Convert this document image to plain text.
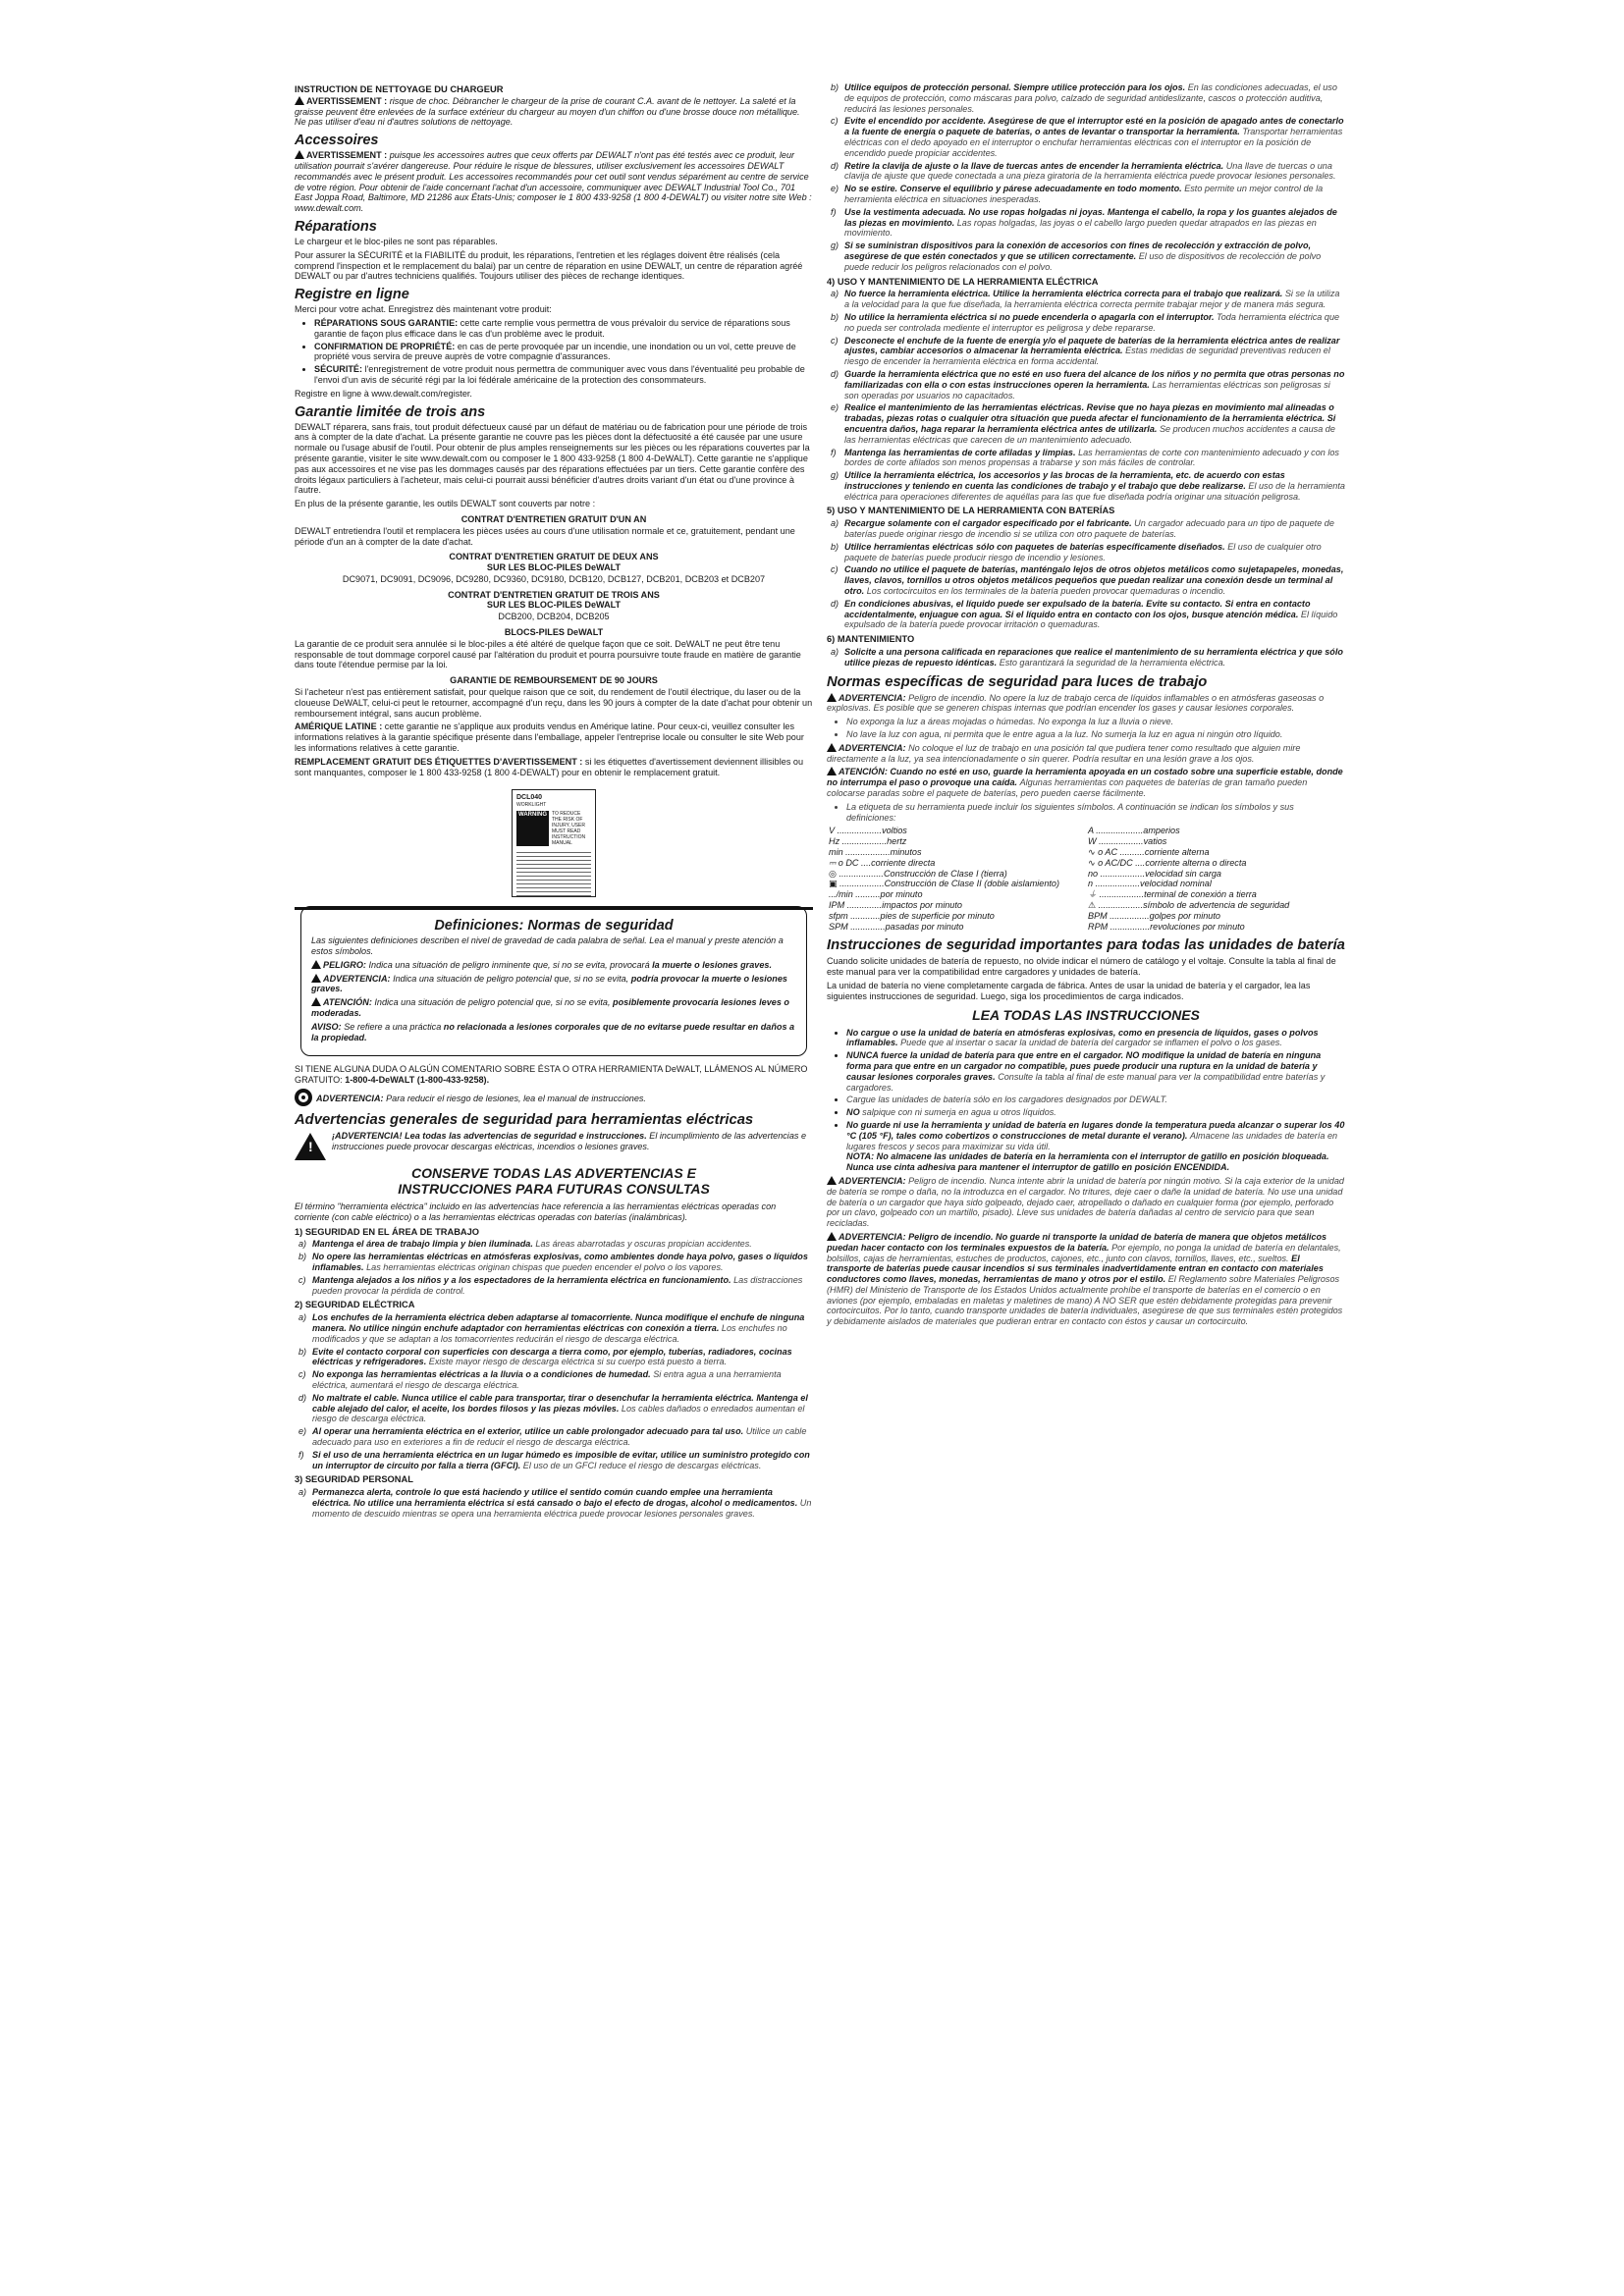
INSTRUCTION DE NETTOYAGE DU CHARGEUR

AVERTISSEMENT : risque de choc. Débrancher le chargeur de la prise de courant C.A. avant de le nettoyer. La saleté et la graisse peuvent être enlevées de la surface extérieur du chargeur au moyen d'un chiffon ou d'une brosse douce non métallique. Ne pas utiliser d'eau ni d'autres solutions de nettoyage.

Accessoires

AVERTISSEMENT : puisque les accessoires autres que ceux offerts par DEWALT n'ont pas été testés avec ce produit, leur utilisation pourrait s'avérer dangereuse. Pour réduire le risque de blessures, utiliser exclusivement les accessoires DEWALT recommandés avec le présent produit. Les accessoires recommandés pour cet outil sont vendus séparément au centre de service de votre région. Pour obtenir de l'aide concernant l'achat d'un accessoire, communiquer avec DEWALT Industrial Tool Co., 701 East Joppa Road, Baltimore, MD 21286 aux États-Unis; composer le 1 800 433-9258 (1 800 4-DEWALT) ou visiter notre site Web : www.dewalt.com.

Réparations

Le chargeur et le bloc-piles ne sont pas réparables.

Pour assurer la SÉCURITÉ et la FIABILITÉ du produit, les réparations, l'entretien et les réglages doivent être réalisés (cela comprend l'inspection et le remplacement du balai) par un centre de réparation en usine DEWALT, un centre de réparation agréé DEWALT ou par d'autres techniciens qualifiés. Toujours utiliser des pièces de rechange identiques.

Registre en ligne

Merci pour votre achat. Enregistrez dès maintenant votre produit:

• RÉPARATIONS SOUS GARANTIE: cette carte remplie vous permettra de vous prévaloir du service de réparations sous garantie de façon plus efficace dans le cas d'un problème avec le produit.
• CONFIRMATION DE PROPRIÉTÉ: en cas de perte provoquée par un incendie, une inondation ou un vol, cette preuve de propriété vous servira de preuve auprès de votre compagnie d'assurances.
• SÉCURITÉ: l'enregistrement de votre produit nous permettra de communiquer avec vous dans l'éventualité peu probable de l'envoi d'un avis de sécurité régi par la loi fédérale américaine de la protection des consommateurs.

Registre en ligne à www.dewalt.com/register.

Garantie limitée de trois ans

DEWALT réparera, sans frais, tout produit défectueux causé par un défaut de matériau ou de fabrication pour une période de trois ans à compter de la date d'achat. La présente garantie ne couvre pas les pièces dont la défectuosité a été causée par une usure normale ou l'usage abusif de l'outil. Pour obtenir de plus amples renseignements sur les pièces ou les réparations couvertes par la présente garantie, visiter le site www.dewalt.com ou composer le 1 800 433-9258 (1 800 4-DeWALT). Cette garantie ne s'applique pas aux accessoires et ne vise pas les dommages causés par des réparations effectuées par un tiers. Cette garantie confère des droits légaux particuliers à l'acheteur, mais celui-ci pourrait aussi bénéficier d'autres droits variant d'un état ou d'une province à l'autre.

En plus de la présente garantie, les outils DEWALT sont couverts par notre :

CONTRAT D'ENTRETIEN GRATUIT D'UN AN

DEWALT entretiendra l'outil et remplacera les pièces usées au cours d'une utilisation normale et ce, gratuitement, pendant une période d'un an à compter de la date d'achat.

CONTRAT D'ENTRETIEN GRATUIT DE DEUX ANS

SUR LES BLOC-PILES DeWALT

DC9071, DC9091, DC9096, DC9280, DC9360, DC9180, DCB120, DCB127, DCB201, DCB203 et DCB207

CONTRAT D'ENTRETIEN GRATUIT DE TROIS ANS

SUR LES BLOC-PILES DeWALT

DCB200, DCB204, DCB205

BLOCS-PILES DeWALT

La garantie de ce produit sera annulée si le bloc-piles a été altéré de quelque façon que ce soit. DeWALT ne peut être tenu responsable de tout dommage corporel causé par l'altération du produit et pourra poursuivre toute fraude en matière de garantie dans toute l'étendue permise par la loi.

GARANTIE DE REMBOURSEMENT DE 90 JOURS

Si l'acheteur n'est pas entièrement satisfait, pour quelque raison que ce soit, du rendement de l'outil électrique, du laser ou de la cloueuse DeWALT, celui-ci peut le retourner, accompagné d'un reçu, dans les 90 jours à compter de la date d'achat pour obtenir un remboursement intégral, sans aucun problème.

AMÉRIQUE LATINE : cette garantie ne s'applique aux produits vendus en Amérique latine. Pour ceux-ci, veuillez consulter les informations relatives à la garantie spécifique présente dans l'emballage, appeler l'entreprise locale ou consulter le site Web pour les informations relatives à cette garantie.

REMPLACEMENT GRATUIT DES ÉTIQUETTES D'AVERTISSEMENT : si les étiquettes d'avertissement deviennent illisibles ou sont manquantes, composer le 1 800 433-9258 (1 800 4-DEWALT) pour en obtenir le remplacement gratuit.

DCL040
WORKLIGHT
WARNING	TO REDUCE THE RISK OF INJURY, USER MUST READ INSTRUCTION MANUAL
Definiciones: Normas de seguridad

Las siguientes definiciones describen el nivel de gravedad de cada palabra de señal. Lea el manual y preste atención a estos símbolos.

PELIGRO: Indica una situación de peligro inminente que, si no se evita, provocará la muerte o lesiones graves.

ADVERTENCIA: Indica una situación de peligro potencial que, si no se evita, podría provocar la muerte o lesiones graves.

ATENCIÓN: Indica una situación de peligro potencial que, si no se evita, posiblemente provocaría lesiones leves o moderadas.

AVISO: Se refiere a una práctica no relacionada a lesiones corporales que de no evitarse puede resultar en daños a la propiedad.

SI TIENE ALGUNA DUDA O ALGÚN COMENTARIO SOBRE ÉSTA O OTRA HERRAMIENTA DeWALT, LLÁMENOS AL NÚMERO GRATUITO: 1-800-4-DeWALT (1-800-433-9258).

ADVERTENCIA: Para reducir el riesgo de lesiones, lea el manual de instrucciones.

Advertencias generales de seguridad para herramientas eléctricas
!

¡ADVERTENCIA! Lea todas las advertencias de seguridad e instrucciones. El incumplimiento de las advertencias e instrucciones puede provocar descargas eléctricas, incendios o lesiones graves.

CONSERVE TODAS LAS ADVERTENCIAS E
INSTRUCCIONES PARA FUTURAS CONSULTAS

El término "herramienta eléctrica" incluido en las advertencias hace referencia a las herramientas eléctricas operadas con corriente (con cable eléctrico) o a las herramientas eléctricas operadas con baterías (inalámbricas).

1) SEGURIDAD EN EL ÁREA DE TRABAJO

a) Mantenga el área de trabajo limpia y bien iluminada. Las áreas abarrotadas y oscuras propician accidentes.
b) No opere las herramientas eléctricas en atmósferas explosivas, como ambientes donde haya polvo, gases o líquidos inflamables. Las herramientas eléctricas originan chispas que pueden encender el polvo o los vapores.
c) Mantenga alejados a los niños y a los espectadores de la herramienta eléctrica en funcionamiento. Las distracciones pueden provocar la pérdida de control.

2) SEGURIDAD ELÉCTRICA

a) Los enchufes de la herramienta eléctrica deben adaptarse al tomacorriente. Nunca modifique el enchufe de ninguna manera. No utilice ningún enchufe adaptador con herramientas eléctricas con conexión a tierra. Los enchufes no modificados y que se adaptan a los tomacorrientes reducirán el riesgo de descarga eléctrica.
b) Evite el contacto corporal con superficies con descarga a tierra como, por ejemplo, tuberías, radiadores, cocinas eléctricas y refrigeradores. Existe mayor riesgo de descarga eléctrica si su cuerpo está puesto a tierra.
c) No exponga las herramientas eléctricas a la lluvia o a condiciones de humedad. Si entra agua a una herramienta eléctrica, aumentará el riesgo de descarga eléctrica.
d) No maltrate el cable. Nunca utilice el cable para transportar, tirar o desenchufar la herramienta eléctrica. Mantenga el cable alejado del calor, el aceite, los bordes filosos y las piezas móviles. Los cables dañados o enredados aumentan el riesgo de descarga eléctrica.
e) Al operar una herramienta eléctrica en el exterior, utilice un cable prolongador adecuado para tal uso. Utilice un cable adecuado para uso en exteriores a fin de reducir el riesgo de descarga eléctrica.
f) Si el uso de una herramienta eléctrica en un lugar húmedo es imposible de evitar, utilice un suministro protegido con un interruptor de circuito por falla a tierra (GFCI). El uso de un GFCI reduce el riesgo de descargas eléctricas.

3) SEGURIDAD PERSONAL

a) Permanezca alerta, controle lo que está haciendo y utilice el sentido común cuando emplee una herramienta eléctrica. No utilice una herramienta eléctrica si está cansado o bajo el efecto de drogas, alcohol o medicamentos. Un momento de descuido mientras se opera una herramienta eléctrica puede provocar lesiones personales graves.
b) Utilice equipos de protección personal. Siempre utilice protección para los ojos. En las condiciones adecuadas, el uso de equipos de protección, como máscaras para polvo, calzado de seguridad antideslizante, cascos o protección auditiva, reducirá las lesiones personales.
c) Evite el encendido por accidente. Asegúrese de que el interruptor esté en la posición de apagado antes de conectarlo a la fuente de energía o paquete de baterías, o antes de levantar o transportar la herramienta. Transportar herramientas eléctricas con el dedo apoyado en el interruptor o enchufar herramientas eléctricas con el interruptor en la posición de encendido puede propiciar accidentes.
d) Retire la clavija de ajuste o la llave de tuercas antes de encender la herramienta eléctrica. Una llave de tuercas o una clavija de ajuste que quede conectada a una pieza giratoria de la herramienta eléctrica puede provocar lesiones personales.
e) No se estire. Conserve el equilibrio y párese adecuadamente en todo momento. Esto permite un mejor control de la herramienta eléctrica en situaciones inesperadas.
f) Use la vestimenta adecuada. No use ropas holgadas ni joyas. Mantenga el cabello, la ropa y los guantes alejados de las piezas en movimiento. Las ropas holgadas, las joyas o el cabello largo pueden quedar atrapados en las piezas en movimiento.
g) Si se suministran dispositivos para la conexión de accesorios con fines de recolección y extracción de polvo, asegúrese de que estén conectados y que se utilicen correctamente. El uso de dispositivos de recolección de polvo puede reducir los peligros relacionados con el polvo.

4) USO Y MANTENIMIENTO DE LA HERRAMIENTA ELÉCTRICA

a) No fuerce la herramienta eléctrica. Utilice la herramienta eléctrica correcta para el trabajo que realizará. Si se la utiliza a la velocidad para la que fue diseñada, la herramienta eléctrica correcta permite trabajar mejor y de manera más segura.
b) No utilice la herramienta eléctrica si no puede encenderla o apagarla con el interruptor. Toda herramienta eléctrica que no pueda ser controlada mediente el interruptor es peligrosa y debe repararse.
c) Desconecte el enchufe de la fuente de energía y/o el paquete de baterías de la herramienta eléctrica antes de realizar ajustes, cambiar accesorios o almacenar la herramienta eléctrica. Estas medidas de seguridad preventivas reducen el riesgo de encender la herramienta eléctrica en forma accidental.
d) Guarde la herramienta eléctrica que no esté en uso fuera del alcance de los niños y no permita que otras personas no familiarizadas con ella o con estas instrucciones operen la herramienta. Las herramientas eléctricas son peligrosas si son operadas por usuarios no capacitados.
e) Realice el mantenimiento de las herramientas eléctricas. Revise que no haya piezas en movimiento mal alineadas o trabadas, piezas rotas o cualquier otra situación que pueda afectar el funcionamiento de la herramienta eléctrica. Si encuentra daños, haga reparar la herramienta eléctrica antes de utilizarla. Se producen muchos accidentes a causa de las herramientas eléctricas que carecen de un mantenimiento adecuado.
f) Mantenga las herramientas de corte afiladas y limpias. Las herramientas de corte con mantenimiento adecuado y con los bordes de corte afilados son menos propensas a trabarse y son más fáciles de controlar.
g) Utilice la herramienta eléctrica, los accesorios y las brocas de la herramienta, etc. de acuerdo con estas instrucciones y teniendo en cuenta las condiciones de trabajo y el trabajo que debe realizarse. El uso de la herramienta eléctrica para operaciones diferentes de aquéllas para las que fue diseñada podría originar una situación peligrosa.

5) USO Y MANTENIMIENTO DE LA HERRAMIENTA CON BATERÍAS

a) Recargue solamente con el cargador especificado por el fabricante. Un cargador adecuado para un tipo de paquete de baterías puede originar riesgo de incendio si se utiliza con otro paquete de baterías.
b) Utilice herramientas eléctricas sólo con paquetes de baterías específicamente diseñados. El uso de cualquier otro paquete de baterías puede producir riesgo de incendio y lesiones.
c) Cuando no utilice el paquete de baterías, manténgalo lejos de otros objetos metálicos como sujetapapeles, monedas, llaves, clavos, tornillos u otros objetos metálicos pequeños que puedan realizar una conexión desde un terminal al otro. Los cortocircuitos en los terminales de la batería pueden provocar quemaduras o incendio.
d) En condiciones abusivas, el líquido puede ser expulsado de la batería. Evite su contacto. Si entra en contacto accidentalmente, enjuague con agua. Si el líquido entra en contacto con los ojos, busque atención médica. El líquido expulsado de la batería puede provocar irritación o quemaduras.

6) MANTENIMIENTO

a) Solicite a una persona calificada en reparaciones que realice el mantenimiento de su herramienta eléctrica y que sólo utilice piezas de repuesto idénticas. Esto garantizará la seguridad de la herramienta eléctrica.
Normas específicas de seguridad para luces de trabajo

ADVERTENCIA: Peligro de incendio. No opere la luz de trabajo cerca de líquidos inflamables o en atmósferas gaseosas o explosivas. Es posible que se generen chispas internas que podrían encender los gases y causar lesiones corporales.

• No exponga la luz a áreas mojadas o húmedas. No exponga la luz a lluvia o nieve.
• No lave la luz con agua, ni permita que le entre agua a la luz. No sumerja la luz en agua ni ningún otro líquido.

ADVERTENCIA: No coloque el luz de trabajo en una posición tal que pudiera tener como resultado que alguien mire directamente a la luz, ya sea intencionadamente o sin querer. Podría resultar en una lesión grave a los ojos.

ATENCIÓN: Cuando no esté en uso, guarde la herramienta apoyada en un costado sobre una superficie estable, donde no interrumpa el paso o provoque una caída. Algunas herramientas con paquetes de baterías de gran tamaño pueden colocarse paradas sobre el paquete de baterías, pero pueden caerse fácilmente.

• La etiqueta de su herramienta puede incluir los siguientes símbolos. A continuación se indican los símbolos y sus definiciones:
V ..................voltios	A ...................amperios
Hz ..................hertz	W ..................vatios
min ..................minutos	∿ o AC ..........corriente alterna
⎓ o DC ....corriente directa	∿ o AC/DC ....corriente alterna o directa
◎ ..................Construcción de Clase I (tierra)	no ..................velocidad sin carga
▣ ..................Construcción de Clase II (doble aislamiento)	n ..................velocidad nominal
.../min ..........por minuto	⏚ ..................terminal de conexión a tierra
IPM ..............impactos por minuto	⚠ ..................símbolo de advertencia de seguridad
sfpm ............pies de superficie por minuto	BPM ................golpes por minuto
SPM ..............pasadas por minuto	RPM ................revoluciones por minuto
Instrucciones de seguridad importantes para todas las unidades de batería

Cuando solicite unidades de batería de repuesto, no olvide indicar el número de catálogo y el voltaje. Consulte la tabla al final de este manual para ver la compatibilidad entre cargadores y unidades de batería.

La unidad de batería no viene completamente cargada de fábrica. Antes de usar la unidad de batería y el cargador, lea las siguientes instrucciones de seguridad. Luego, siga los procedimientos de carga indicados.

LEA TODAS LAS INSTRUCCIONES
• No cargue o use la unidad de batería en atmósferas explosivas, como en presencia de líquidos, gases o polvos inflamables. Puede que al insertar o sacar la unidad de batería del cargador se inflamen el polvo o los gases.
• NUNCA fuerce la unidad de batería para que entre en el cargador. NO modifique la unidad de batería en ninguna forma para que entre en un cargador no compatible, pues puede producir una ruptura en la unidad de batería y causar lesiones corporales graves. Consulte la tabla al final de este manual para ver la compatibilidad entre baterías y cargadores.
• Cargue las unidades de batería sólo en los cargadores designados por DEWALT.
• NO salpique con ni sumerja en agua u otros líquidos.
• No guarde ni use la herramienta y unidad de batería en lugares donde la temperatura pueda alcanzar o superar los 40 °C (105 °F), tales como cobertizos o construcciones de metal durante el verano). Almacene las unidades de batería en lugares frescos y secos para maximizar su vida útil.
NOTA: No almacene las unidades de batería en la herramienta con el interruptor de gatillo en posición bloqueada. Nunca use cinta adhesiva para mantener el interruptor de gatillo en posición ENCENDIDA.

ADVERTENCIA: Peligro de incendio. Nunca intente abrir la unidad de batería por ningún motivo. Si la caja exterior de la unidad de batería se rompe o daña, no la introduzca en el cargador. No tritures, deje caer o dañe la unidad de batería. No use una unidad de batería o un cargador que haya sido golpeado, dejado caer, atropellado o dañado en cualquier forma (por ejemplo, perforado por un clavo, golpeado con un martillo, pisado). Lleve sus unidades de batería dañadas al centro de servicio para que sean recicladas.

ADVERTENCIA: Peligro de incendio. No guarde ni transporte la unidad de batería de manera que objetos metálicos puedan hacer contacto con los terminales expuestos de la batería. Por ejemplo, no ponga la unidad de batería en delantales, bolsillos, cajas de herramientas, estuches de productos, cajones, etc., junto con clavos, tornillos, llaves, etc., sueltos. El transporte de baterías puede causar incendios si sus terminales inadvertidamente entran en contacto con materiales conductores como llaves, monedas, herramientas de mano y otros por el estilo. El Reglamento sobre Materiales Peligrosos (HMR) del Ministerio de Transporte de los Estados Unidos actualmente prohíbe el transporte de baterías en el comercio o en aviones (por ejemplo, embaladas en maletas y maletines de mano) A NO SER que estén debidamente protegidas para prevenir cortocircuitos. Por lo tanto, cuando transporte unidades de batería individuales, asegúrese de que sus terminales estén protegidos y debidamente aislados de materiales que pudieran entrar en contacto con éstos y causar un cortocircuito.
